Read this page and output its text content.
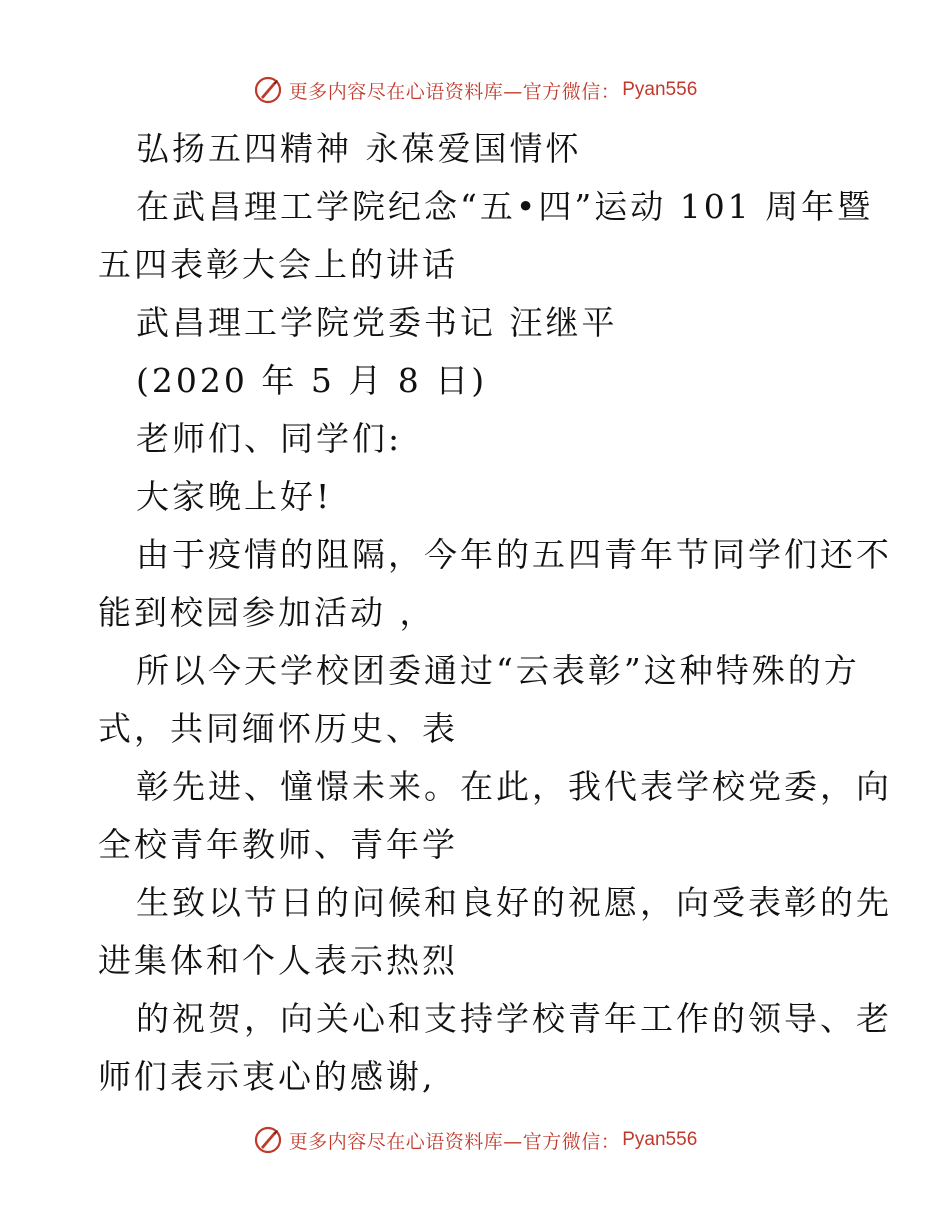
更多内容尽在心语资料库—官方微信： Pyan556
弘扬五四精神 永葆爱国情怀
在武昌理工学院纪念“五•四”运动 101 周年暨
五四表彰大会上的讲话
武昌理工学院党委书记 汪继平
(2020 年 5 月 8 日)
老师们、同学们:
大家晚上好!
由于疫情的阻隔，今年的五四青年节同学们还不
能到校园参加活动 ，
所以今天学校团委通过“云表彰”这种特殊的方
式，共同缅怀历史、表
彰先进、憧憬未来。在此，我代表学校党委，向
全校青年教师、青年学
生致以节日的问候和良好的祝愿，向受表彰的先
进集体和个人表示热烈
的祝贺，向关心和支持学校青年工作的领导、老
师们表示衷心的感谢,
更多内容尽在心语资料库—官方微信： Pyan556
